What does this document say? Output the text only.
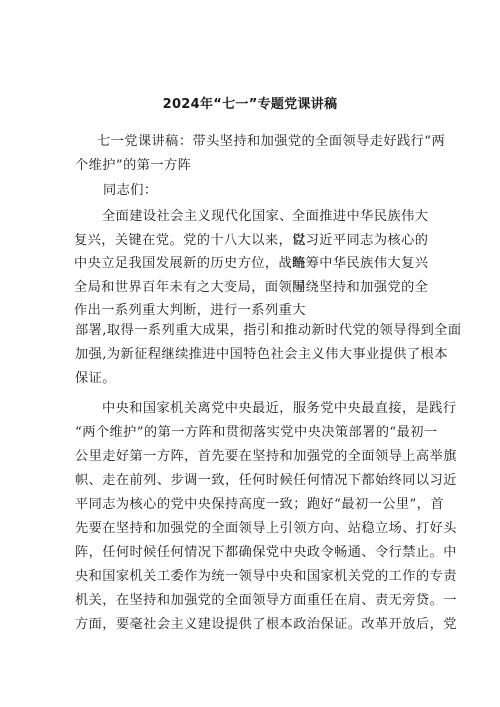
2024年“七一”专题党课讲稿
七一党课讲稿：带头坚持和加强党的全面领导走好践行“两
个维护”的第一方阵
同志们：
全面建设社会主义现代化国家、
复兴，关键在党。党的十八大以来，党
中央立足我国发展新的历史方位，战略
全局和世界百年未有之大变局，面领导
作出一系列重大判断，进行一系列重大
全面推进中华民族伟大
以习近平同志为核心的
统筹中华民族伟大复兴
围绕坚持和加强党的全
部署,取得一系列重大成果，指引和推动新时代党的领导得到全面
加强,为新征程继续推进中国特色社会主义伟大事业提供了根本
保证。
中央和国家机关离党中央最近，服务党中央最直接，是践行
“两个维护”的第一方阵和贯彻落实党中央决策部署的“最初一
公里走好第一方阵，首先要在坚持和加强党的全面领导上高举旗
帜、走在前列、步调一致，任何时候任何情况下都始终同以习近
平同志为核心的党中央保持高度一致；跑好“最初一公里”，首
先要在坚持和加强党的全面领导上引领方向、站稳立场、打好头
阵，任何时候任何情况下都确保党中央政令畅通、令行禁止。中
央和国家机关工委作为统一领导中央和国家机关党的工作的专责
机关，在坚持和加强党的全面领导方面重任在肩、责无旁贷。一
方面，要毫社会主义建设提供了根本政治保证。改革开放后，党
